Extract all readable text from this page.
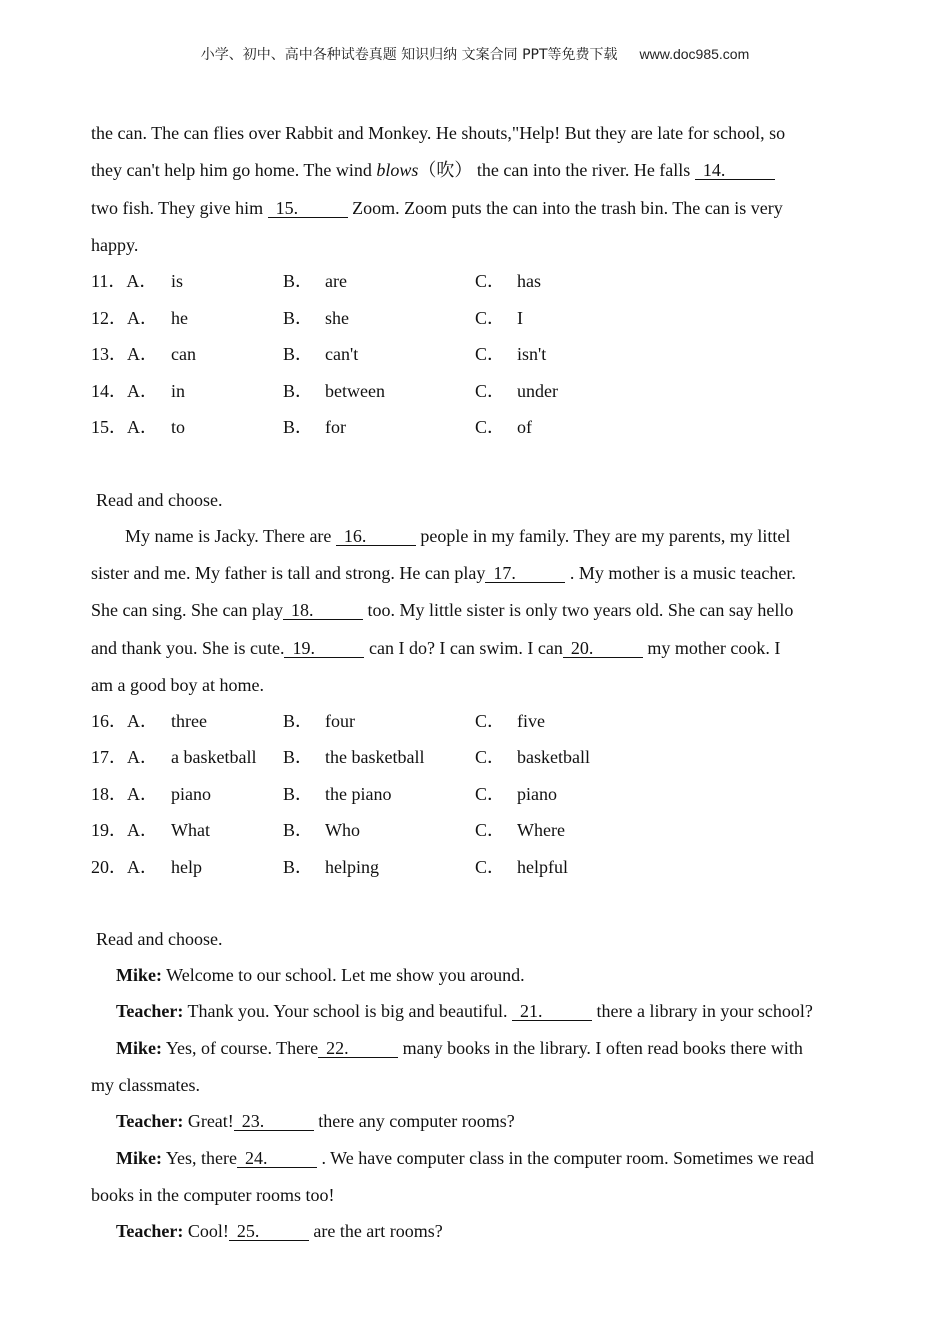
小学、初中、高中各种试卷真题 知识归纳 文案合同 PPT等免费下载 www.doc985.com
the can. The can flies over Rabbit and Monkey. He shouts,"Help! But they are late for school, so
they can't help him go home. The wind blows（吹） the can into the river. He falls 14.
two fish. They give him 15.	Zoom. Zoom puts the can into the trash bin. The can is very
happy.
11．A． is	B． are	C． has
12．A． he	B． she	C． I
13．A． can	B． can't	C． isn't
14．A． in	B． between	C． under
15．A． to	B． for	C． of
Read and choose.
My name is Jacky. There are 16.	people in my family. They are my parents, my littel
sister and me. My father is tall and strong. He can play 17.	. My mother is a music teacher.
She can sing. She can play 18.	too. My little sister is only two years old. She can say hello
and thank you. She is cute. 19.	can I do? I can swim. I can 20.	my mother cook. I
am a good boy at home.
16．A． three	B． four	C． five
17．A． a basketball B． the basketball	C． basketball
18．A． piano	B． the piano	C． piano
19．A． What	B． Who	C． Where
20．A． help	B． helping	C． helpful
Read and choose.
Mike: Welcome to our school. Let me show you around.
Teacher: Thank you. Your school is big and beautiful. 21.	there a library in your school?
Mike: Yes, of course. There 22.	many books in the library. I often read books there with
my classmates.
Teacher: Great! 23.	there any computer rooms?
Mike: Yes, there 24.	. We have computer class in the computer room. Sometimes we read
books in the computer rooms too!
Teacher: Cool! 25.	are the art rooms?
